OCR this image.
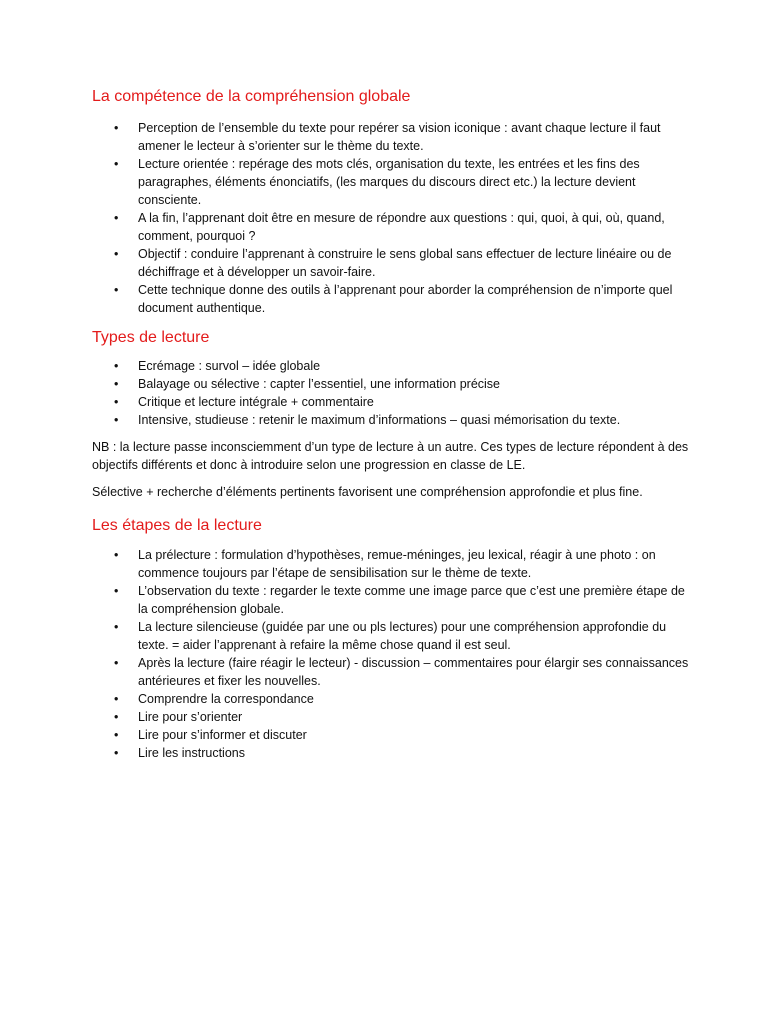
La compétence de la compréhension globale
• Perception de l’ensemble du texte pour repérer sa vision iconique : avant chaque lecture il faut amener le lecteur à s’orienter sur le thème du texte.
• Lecture orientée : repérage des mots clés, organisation du texte, les entrées et les fins des paragraphes, éléments énonciatifs, (les marques du discours direct etc.) la lecture devient consciente.
• A la fin, l’apprenant doit être en mesure de répondre aux questions : qui, quoi, à qui, où, quand, comment, pourquoi ?
• Objectif : conduire l’apprenant à construire le sens global sans effectuer de lecture linéaire ou de déchiffrage et à développer un savoir-faire.
• Cette technique donne des outils à l’apprenant pour aborder la compréhension de n’importe quel document authentique.
Types de lecture
• Ecrémage : survol – idée globale
• Balayage ou sélective : capter l’essentiel, une information précise
• Critique et lecture intégrale + commentaire
• Intensive, studieuse : retenir le maximum d’informations – quasi mémorisation du texte.

NB : la lecture passe inconsciemment d’un type de lecture à un autre. Ces types de lecture répondent à des objectifs différents et donc à introduire selon une progression en classe de LE.

Sélective + recherche d’éléments pertinents favorisent une compréhension approfondie et plus fine.

Les étapes de la lecture
• La prélecture : formulation d’hypothèses, remue-méninges, jeu lexical, réagir à une photo : on commence toujours par l’étape de sensibilisation sur le thème de texte.
• L’observation du texte : regarder le texte comme une image parce que c’est une première étape de la compréhension globale.
• La lecture silencieuse (guidée par une ou pls lectures) pour une compréhension approfondie du texte. = aider l’apprenant à refaire la même chose quand il est seul.
• Après la lecture (faire réagir le lecteur) - discussion – commentaires pour élargir ses connaissances antérieures et fixer les nouvelles.
• Comprendre la correspondance
• Lire pour s’orienter
• Lire pour s’informer et discuter
• Lire les instructions
